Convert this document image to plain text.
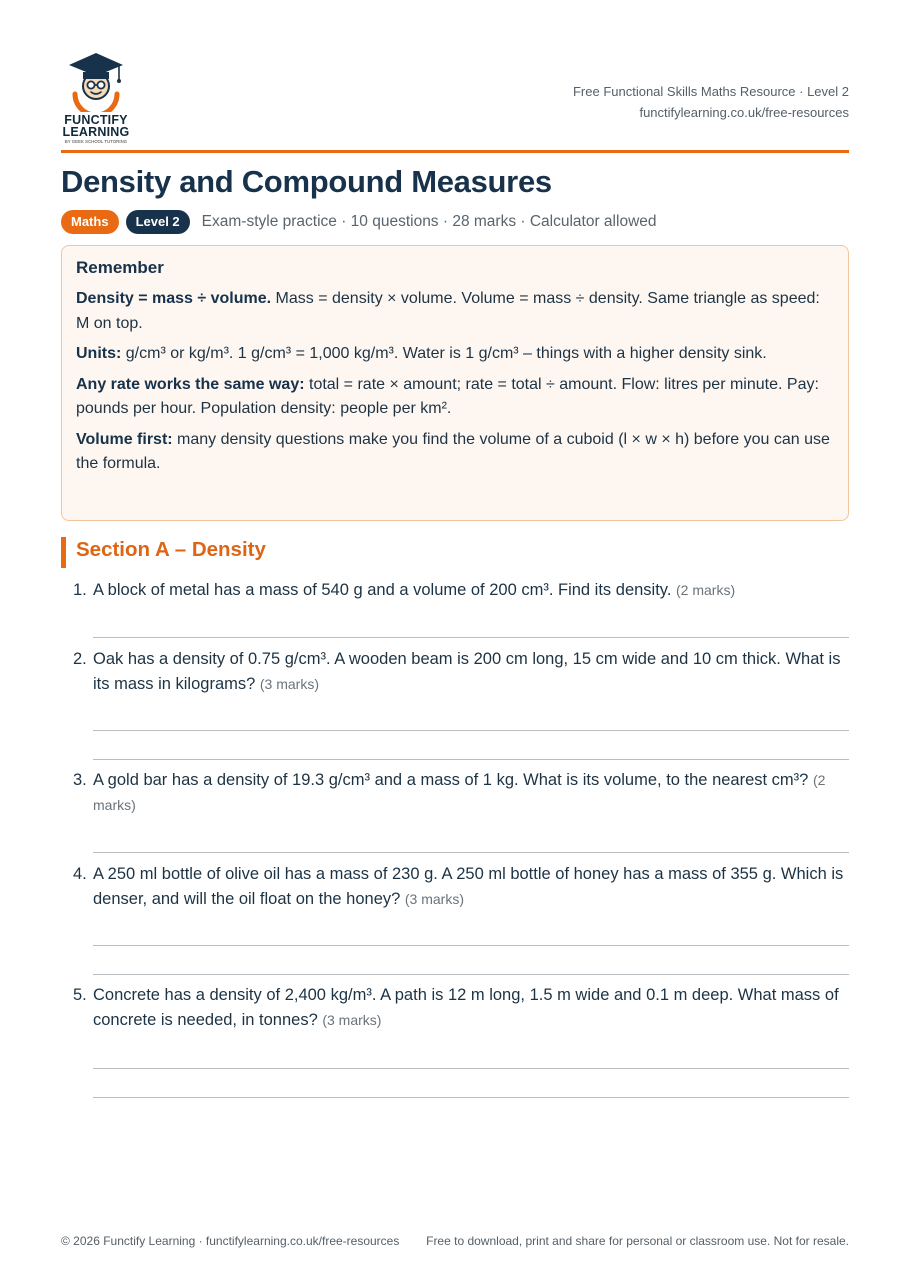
FUNCTIFY
LEARNING
BY GEEK SCHOOL TUTORING
Free Functional Skills Maths Resource · Level 2
functifylearning.co.uk/free-resources
Density and Compound Measures
Maths	Level 2	Exam-style practice · 10 questions · 28 marks · Calculator allowed
Remember

Density = mass ÷ volume. Mass = density × volume. Volume = mass ÷ density. Same triangle as speed: M on top.

Units: g/cm³ or kg/m³. 1 g/cm³ = 1,000 kg/m³. Water is 1 g/cm³ – things with a higher density sink.

Any rate works the same way: total = rate × amount; rate = total ÷ amount. Flow: litres per minute. Pay: pounds per hour. Population density: people per km².

Volume first: many density questions make you find the volume of a cuboid (l × w × h) before you can use the formula.

Section A – Density
1. A block of metal has a mass of 540 g and a volume of 200 cm³. Find its density. (2 marks)
2. Oak has a density of 0.75 g/cm³. A wooden beam is 200 cm long, 15 cm wide and 10 cm thick. What is its mass in kilograms? (3 marks)
3. A gold bar has a density of 19.3 g/cm³ and a mass of 1 kg. What is its volume, to the nearest cm³? (2 marks)
4. A 250 ml bottle of olive oil has a mass of 230 g. A 250 ml bottle of honey has a mass of 355 g. Which is denser, and will the oil float on the honey? (3 marks)
5. Concrete has a density of 2,400 kg/m³. A path is 12 m long, 1.5 m wide and 0.1 m deep. What mass of concrete is needed, in tonnes? (3 marks)
© 2026 Functify Learning · functifylearning.co.uk/free-resources	Free to download, print and share for personal or classroom use. Not for resale.
